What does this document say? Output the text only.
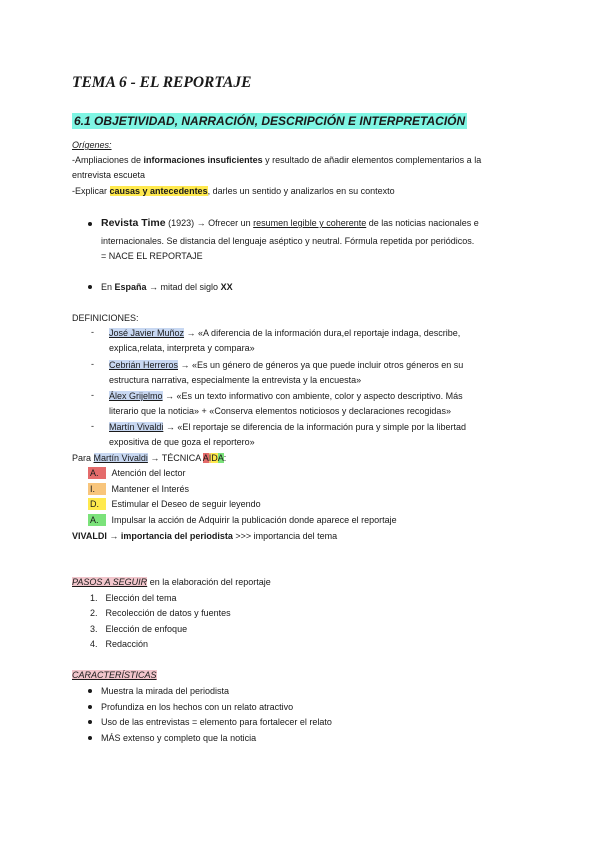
TEMA 6 - EL REPORTAJE
6.1 OBJETIVIDAD, NARRACIÓN, DESCRIPCIÓN E INTERPRETACIÓN
Orígenes:
-Ampliaciones de informaciones insuficientes y resultado de añadir elementos complementarios a la
entrevista escueta
-Explicar causas y antecedentes, darles un sentido y analizarlos en su contexto
Revista Time (1923) → Ofrecer un resumen legible y coherente de las noticias nacionales e
internacionales. Se distancia del lenguaje aséptico y neutral. Fórmula repetida por periódicos.
= NACE EL REPORTAJE
En España → mitad del siglo XX
DEFINICIONES:
- José Javier Muñoz → «A diferencia de la información dura,el reportaje indaga, describe,
explica,relata, interpreta y compara»
- Cebrián Herreros → «Es un género de géneros ya que puede incluir otros géneros en su
estructura narrativa, especialmente la entrevista y la encuesta»
- Álex Grijelmo → «Es un texto informativo con ambiente, color y aspecto descriptivo. Más
literario que la noticia» + «Conserva elementos noticiosos y declaraciones recogidas»
- Martín Vivaldi → «El reportaje se diferencia de la información pura y simple por la libertad
expositiva de que goza el reportero»
Para Martín Vivaldi → TÉCNICA AIDA:
A. Atención del lector
I. Mantener el Interés
D. Estimular el Deseo de seguir leyendo
A. Impulsar la acción de Adquirir la publicación donde aparece el reportaje
VIVALDI → importancia del periodista >>> importancia del tema
PASOS A SEGUIR en la elaboración del reportaje
1. Elección del tema
2. Recolección de datos y fuentes
3. Elección de enfoque
4. Redacción
CARACTERÍSTICAS
Muestra la mirada del periodista
Profundiza en los hechos con un relato atractivo
Uso de las entrevistas = elemento para fortalecer el relato
MÁS extenso y completo que la noticia
